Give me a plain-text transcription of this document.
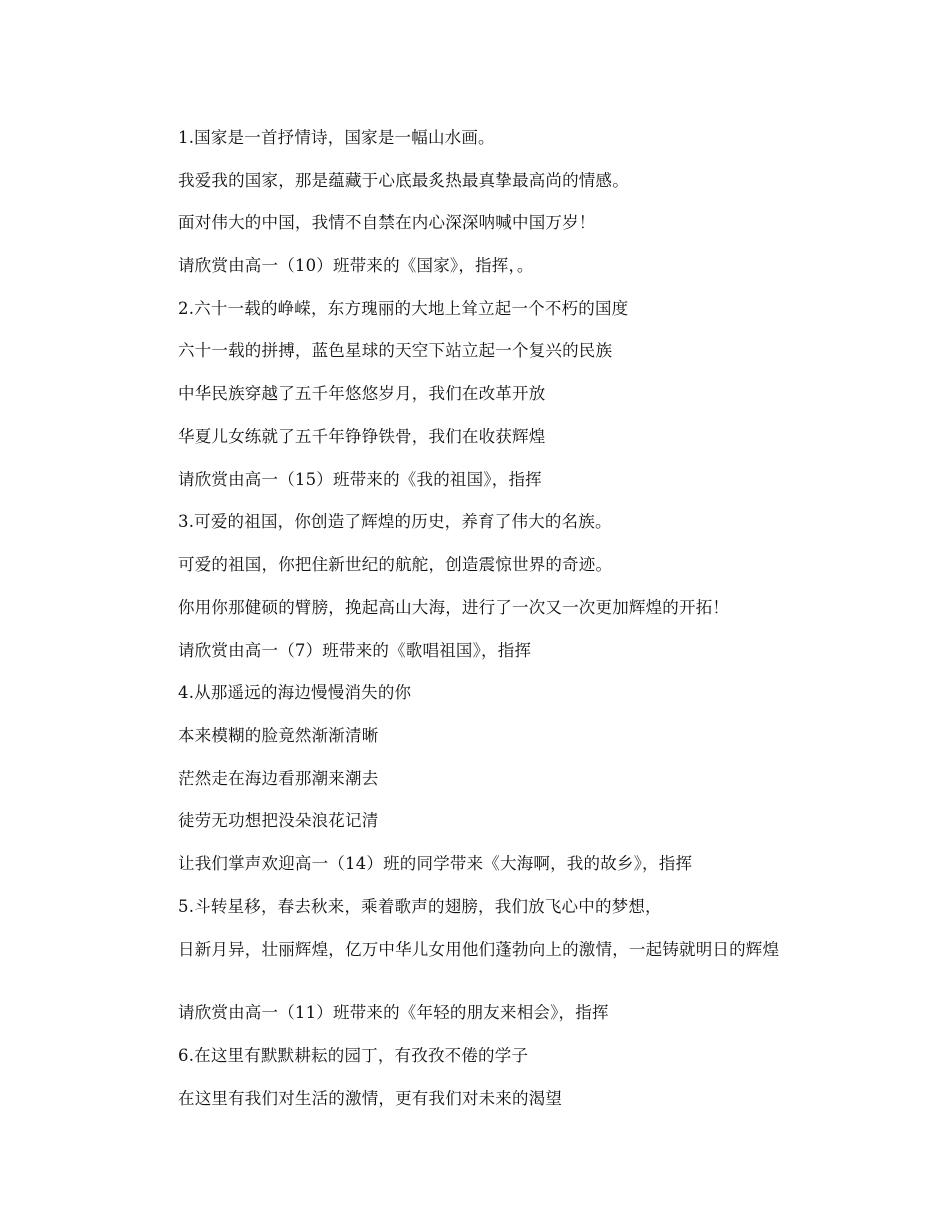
1.国家是一首抒情诗，国家是一幅山水画。

我爱我的国家，那是蕴藏于心底最炙热最真挚最高尚的情感。

面对伟大的中国，我情不自禁在内心深深呐喊中国万岁！

请欣赏由高一（10）班带来的《国家》，指挥，。

2.六十一载的峥嵘，东方瑰丽的大地上耸立起一个不朽的国度

六十一载的拼搏，蓝色星球的天空下站立起一个复兴的民族

中华民族穿越了五千年悠悠岁月，我们在改革开放

华夏儿女练就了五千年铮铮铁骨，我们在收获辉煌

请欣赏由高一（15）班带来的《我的祖国》，指挥

3.可爱的祖国，你创造了辉煌的历史，养育了伟大的名族。

可爱的祖国，你把住新世纪的航舵，创造震惊世界的奇迹。

你用你那健硕的臂膀，挽起高山大海，进行了一次又一次更加辉煌的开拓！

请欣赏由高一（7）班带来的《歌唱祖国》，指挥

4.从那遥远的海边慢慢消失的你

本来模糊的脸竟然渐渐清晰

茫然走在海边看那潮来潮去

徒劳无功想把没朵浪花记清

让我们掌声欢迎高一（14）班的同学带来《大海啊，我的故乡》，指挥

5.斗转星移，春去秋来，乘着歌声的翅膀，我们放飞心中的梦想，

日新月异，壮丽辉煌，亿万中华儿女用他们蓬勃向上的激情，一起铸就明日的辉煌

请欣赏由高一（11）班带来的《年轻的朋友来相会》，指挥

6.在这里有默默耕耘的园丁，有孜孜不倦的学子

在这里有我们对生活的激情，更有我们对未来的渴望
